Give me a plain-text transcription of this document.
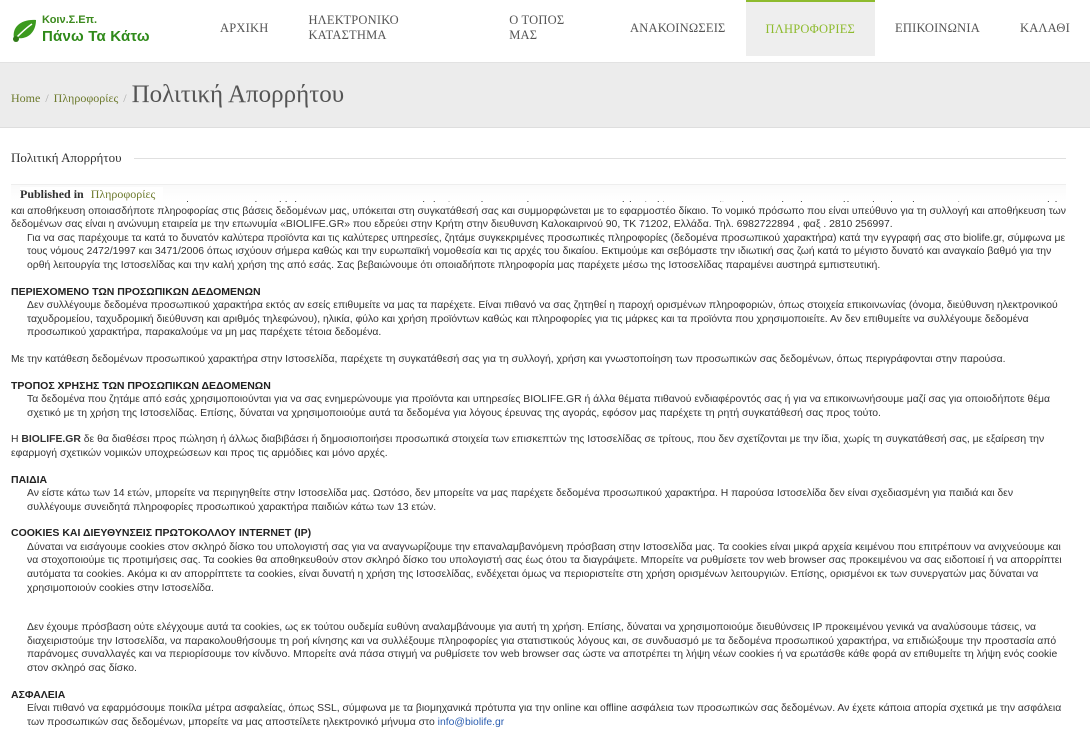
Κοιν.Σ.Επ.
Πάνω Τα Κάτω
ΑΡΧΙΚΗ
ΗΛΕΚΤΡΟΝΙΚΟ ΚΑΤΑΣΤΗΜΑ
Ο ΤΟΠΟΣ ΜΑΣ
ΑΝΑΚΟΙΝΩΣΕΙΣ	ΠΛΗΡΟΦΟΡΙΕΣ	ΕΠΙΚΟΙΝΩΝΙΑ	ΚΑΛΑΘΙ
Home / Πληροφορίες / Πολιτική Απορρήτου
Πολιτική Απορρήτου
Published in Πληροφορίες

και αποθήκευση οποιασδήποτε πληροφορίας στις βάσεις δεδομένων μας, υπόκειται στη συγκατάθεσή σας και συμμορφώνεται με το εφαρμοστέο δίκαιο. Το νομικό πρόσωπο που είναι υπεύθυνο για τη συλλογή και αποθήκευση των δεδομένων σας είναι η ανώνυμη εταιρεία με την επωνυμία «BIOLIFE.GR» που εδρεύει στην Κρήτη στην διευθυνση Καλοκαιρινού 90, ΤΚ 71202, Ελλάδα. Τηλ. 6982722894 , φαξ . 2810 256997.

Για να σας παρέχουμε τα κατά το δυνατόν καλύτερα προϊόντα και τις καλύτερες υπηρεσίες, ζητάμε συγκεκριμένες προσωπικές πληροφορίες (δεδομένα προσωπικού χαρακτήρα) κατά την εγγραφή σας στο biolife.gr, σύμφωνα με τους νόμους 2472/1997 και 3471/2006 όπως ισχύουν σήμερα καθώς και την ευρωπαϊκή νομοθεσία και τις αρχές του δικαίου. Εκτιμούμε και σεβόμαστε την ιδιωτική σας ζωή κατά το μέγιστο δυνατό και αναγκαίο βαθμό για την ορθή λειτουργία της Ιστοσελίδας και την καλή χρήση της από εσάς. Σας βεβαιώνουμε ότι οποιαδήποτε πληροφορία μας παρέχετε μέσω της Ιστοσελίδας παραμένει αυστηρά εμπιστευτική.

ΠΕΡΙΕΧΟΜΕΝΟ ΤΩΝ ΠΡΟΣΩΠΙΚΩΝ ΔΕΔΟΜΕΝΩΝ

Δεν συλλέγουμε δεδομένα προσωπικού χαρακτήρα εκτός αν εσείς επιθυμείτε να μας τα παρέχετε. Είναι πιθανό να σας ζητηθεί η παροχή ορισμένων πληροφοριών, όπως στοιχεία επικοινωνίας (όνομα, διεύθυνση ηλεκτρονικού ταχυδρομείου, ταχυδρομική διεύθυνση και αριθμός τηλεφώνου), ηλικία, φύλο και χρήση προϊόντων καθώς και πληροφορίες για τις μάρκες και τα προϊόντα που χρησιμοποιείτε. Αν δεν επιθυμείτε να συλλέγουμε δεδομένα προσωπικού χαρακτήρα, παρακαλούμε να μη μας παρέχετε τέτοια δεδομένα.

Με την κατάθεση δεδομένων προσωπικού χαρακτήρα στην Ιστοσελίδα, παρέχετε τη συγκατάθεσή σας για τη συλλογή, χρήση και γνωστοποίηση των προσωπικών σας δεδομένων, όπως περιγράφονται στην παρούσα.

ΤΡΟΠΟΣ ΧΡΗΣΗΣ ΤΩΝ ΠΡΟΣΩΠΙΚΩΝ ΔΕΔΟΜΕΝΩΝ

Τα δεδομένα που ζητάμε από εσάς χρησιμοποιούνται για να σας ενημερώνουμε για προϊόντα και υπηρεσίες BIOLIFE.GR ή άλλα θέματα πιθανού ενδιαφέροντός σας ή για να επικοινωνήσουμε μαζί σας για οποιοδήποτε θέμα σχετικό με τη χρήση της Ιστοσελίδας. Επίσης, δύναται να χρησιμοποιούμε αυτά τα δεδομένα για λόγους έρευνας της αγοράς, εφόσον μας παρέχετε τη ρητή συγκατάθεσή σας προς τούτο.

Η BIOLIFE.GR δε θα διαθέσει προς πώληση ή άλλως διαβιβάσει ή δημοσιοποιήσει προσωπικά στοιχεία των επισκεπτών της Ιστοσελίδας σε τρίτους, που δεν σχετίζονται με την ίδια, χωρίς τη συγκατάθεσή σας, με εξαίρεση την εφαρμογή σχετικών νομικών υποχρεώσεων και προς τις αρμόδιες και μόνο αρχές.

ΠΑΙΔΙΑ

Αν είστε κάτω των 14 ετών, μπορείτε να περιηγηθείτε στην Ιστοσελίδα μας. Ωστόσο, δεν μπορείτε να μας παρέχετε δεδομένα προσωπικού χαρακτήρα. Η παρούσα Ιστοσελίδα δεν είναι σχεδιασμένη για παιδιά και δεν συλλέγουμε συνειδητά πληροφορίες προσωπικού χαρακτήρα παιδιών κάτω των 13 ετών.

COOKIES ΚΑΙ ΔΙΕΥΘΥΝΣΕΙΣ ΠΡΩΤΟΚΟΛΛΟΥ INTERNET (IP)

Δύναται να εισάγουμε cookies στον σκληρό δίσκο του υπολογιστή σας για να αναγνωρίζουμε την επαναλαμβανόμενη πρόσβαση στην Ιστοσελίδα μας. Τα cookies είναι μικρά αρχεία κειμένου που επιτρέπουν να ανιχνεύουμε και να στοχοποιούμε τις προτιμήσεις σας. Τα cookies θα αποθηκευθούν στον σκληρό δίσκο του υπολογιστή σας έως ότου τα διαγράψετε. Μπορείτε να ρυθμίσετε τον web browser σας προκειμένου να σας ειδοποιεί ή να απορρίπτει αυτόματα τα cookies. Ακόμα κι αν απορρίπτετε τα cookies, είναι δυνατή η χρήση της Ιστοσελίδας, ενδέχεται όμως να περιοριστείτε στη χρήση ορισμένων λειτουργιών. Επίσης, ορισμένοι εκ των συνεργατών μας δύναται να χρησιμοποιούν cookies στην Ιστοσελίδα.

Δεν έχουμε πρόσβαση ούτε ελέγχουμε αυτά τα cookies, ως εκ τούτου ουδεμία ευθύνη αναλαμβάνουμε για αυτή τη χρήση. Επίσης, δύναται να χρησιμοποιούμε διευθύνσεις IP προκειμένου γενικά να αναλύσουμε τάσεις, να διαχειριστούμε την Ιστοσελίδα, να παρακολουθήσουμε τη ροή κίνησης και να συλλέξουμε πληροφορίες για στατιστικούς λόγους και, σε συνδυασμό με τα δεδομένα προσωπικού χαρακτήρα, να επιδιώξουμε την προστασία από παράνομες συναλλαγές και να περιορίσουμε τον κίνδυνο. Μπορείτε ανά πάσα στιγμή να ρυθμίσετε τον web browser σας ώστε να αποτρέπει τη λήψη νέων cookies ή να ερωτάσθε κάθε φορά αν επιθυμείτε τη λήψη ενός cookie στον σκληρό σας δίσκο.

ΑΣΦΑΛΕΙΑ

Είναι πιθανό να εφαρμόσουμε ποικίλα μέτρα ασφαλείας, όπως SSL, σύμφωνα με τα βιομηχανικά πρότυπα για την online και offline ασφάλεια των προσωπικών σας δεδομένων. Αν έχετε κάποια απορία σχετικά με την ασφάλεια των προσωπικών σας δεδομένων, μπορείτε να μας αποστείλετε ηλεκτρονικό μήνυμα στο info@biolife.gr
